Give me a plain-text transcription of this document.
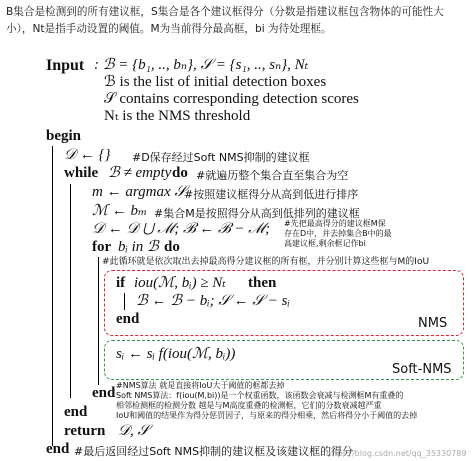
B集合是检测到的所有建议框，S集合是各个建议框得分（分数是指建议框包含物体的可能性大
小），Nt是指手动设置的阈值。M为当前得分最高框，bi 为待处理框。
Input : ℬ = {b₁, .., bₙ}, 𝒮 = {s₁, .., sₙ}, Nₜ
ℬ is the list of initial detection boxes
𝒮 contains corresponding detection scores
Nₜ is the NMS threshold
begin
𝒟 ← {} #D保存经过Soft NMS抑制的建议框
while ℬ ≠ empty do #就遍历整个集合直至集合为空
m ← argmax 𝒮
#按照建议框得分从高到低进行排序
ℳ ← bₘ #集合M是按照得分从高到低排列的建议框
𝒟 ← 𝒟 ⋃ ℳ; ℬ ← ℬ − ℳ; #先把最高得分的建议框M保
存在D中，并去掉集合B中的最
高建议框,剩余框记作bi
for bᵢ in ℬ do
#此循环就是依次取出去掉最高得分建议框的所有框，并分别计算这些框与M的IoU
if iou(ℳ, bᵢ) ≥ Nₜ then
ℬ ← ℬ − bᵢ; 𝒮 ← 𝒮 − sᵢ
end	NMS
sᵢ ← sᵢ f(iou(ℳ, bᵢ))
Soft-NMS
end #NMS算法 就是直接将IoU大于阈值的框都去掉
Soft NMS算法：f(iou(M,bi))是一个权重函数，该函数会衰减与检测框M有重叠的
相邻检测框的检测分数 越是与M高度重叠的检测框，它们的分数衰减越严重
IoU和阈值的结果作为得分惩罚因子，与原来的得分相乘，然后将得分小于阈值的去掉
end
return 𝒟, 𝒮
end #最后返回经过Soft NMS抑制的建议框及该建议框的得分
https://blog.csdn.net/qq_35330789
